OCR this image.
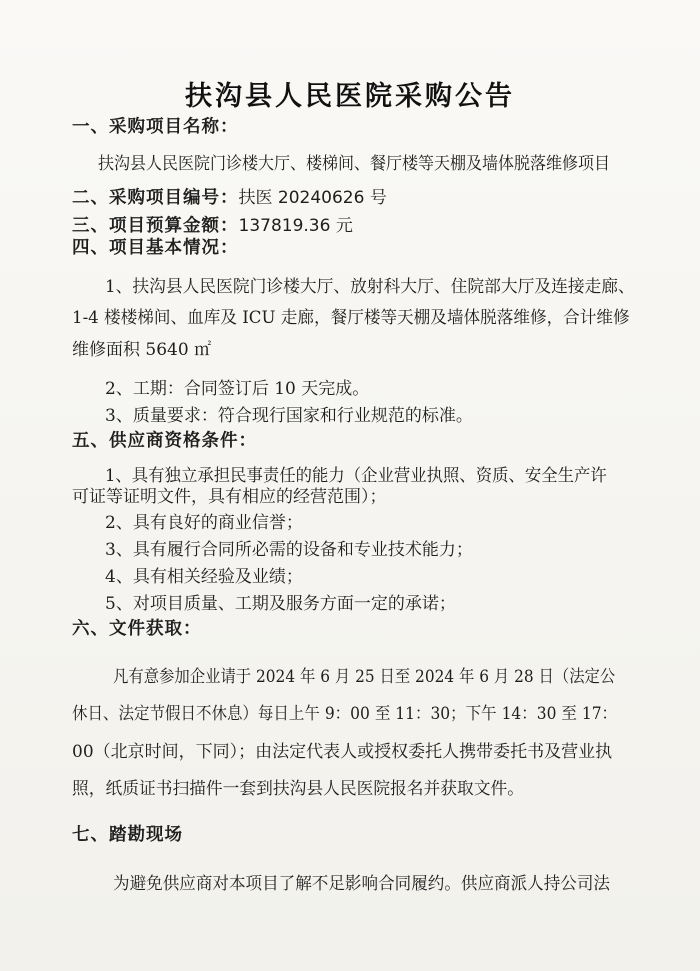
扶沟县人民医院采购公告
一、采购项目名称：
扶沟县人民医院门诊楼大厅、楼梯间、餐厅楼等天棚及墙体脱落维修项目
二、采购项目编号：扶医 20240626 号
三、项目预算金额：137819.36 元
四、项目基本情况：
1、扶沟县人民医院门诊楼大厅、放射科大厅、住院部大厅及连接走廊、
1-4 楼楼梯间、血库及 ICU 走廊，餐厅楼等天棚及墙体脱落维修，合计维修
维修面积 5640 ㎡
2、工期：合同签订后 10 天完成。
3、质量要求：符合现行国家和行业规范的标准。
五、供应商资格条件：
1、具有独立承担民事责任的能力（企业营业执照、资质、安全生产许
可证等证明文件，具有相应的经营范围）；
2、具有良好的商业信誉；
3、具有履行合同所必需的设备和专业技术能力；
4、具有相关经验及业绩；
5、对项目质量、工期及服务方面一定的承诺；
六、文件获取：
凡有意参加企业请于 2024 年 6 月 25 日至 2024 年 6 月 28 日（法定公
休日、法定节假日不休息）每日上午 9：00 至 11：30；下午 14：30 至 17：
00（北京时间，下同）；由法定代表人或授权委托人携带委托书及营业执
照，纸质证书扫描件一套到扶沟县人民医院报名并获取文件。
七、踏勘现场
为避免供应商对本项目了解不足影响合同履约。供应商派人持公司法
